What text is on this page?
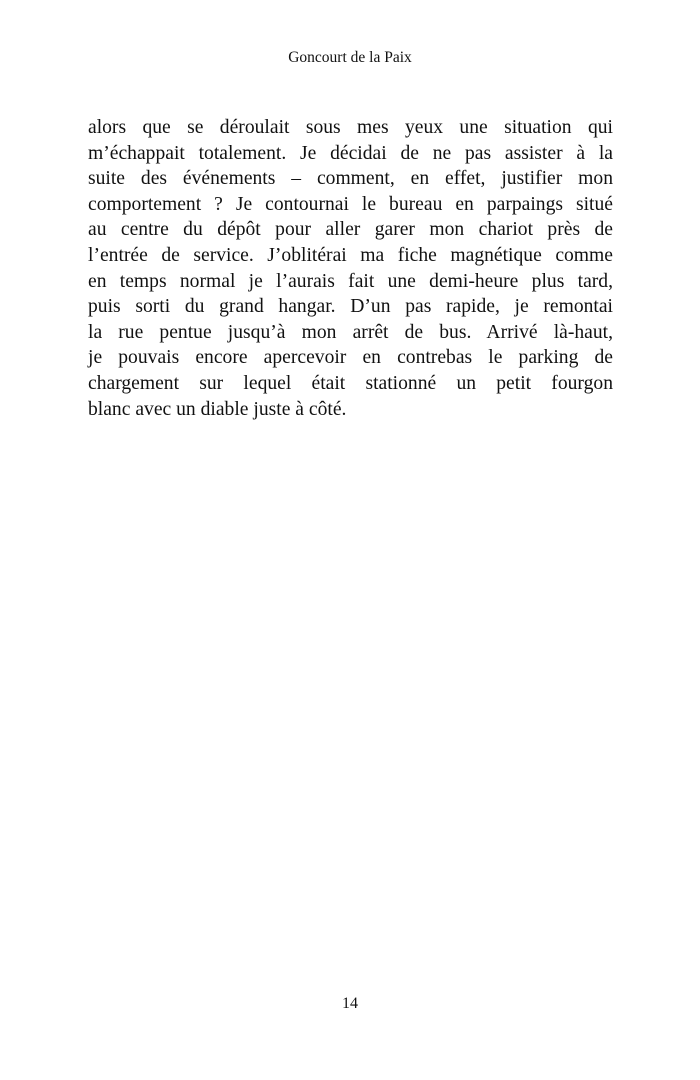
Goncourt de la Paix
alors que se déroulait sous mes yeux une situation qui
m’échappait totalement. Je décidai de ne pas assister à la
suite des événements – comment, en effet, justifier mon
comportement ? Je contournai le bureau en parpaings situé
au centre du dépôt pour aller garer mon chariot près de
l’entrée de service. J’oblitérai ma fiche magnétique comme
en temps normal je l’aurais fait une demi-heure plus tard,
puis sorti du grand hangar. D’un pas rapide, je remontai
la rue pentue jusqu’à mon arrêt de bus. Arrivé là-haut,
je pouvais encore apercevoir en contrebas le parking de
chargement sur lequel était stationné un petit fourgon
blanc avec un diable juste à côté.
14
